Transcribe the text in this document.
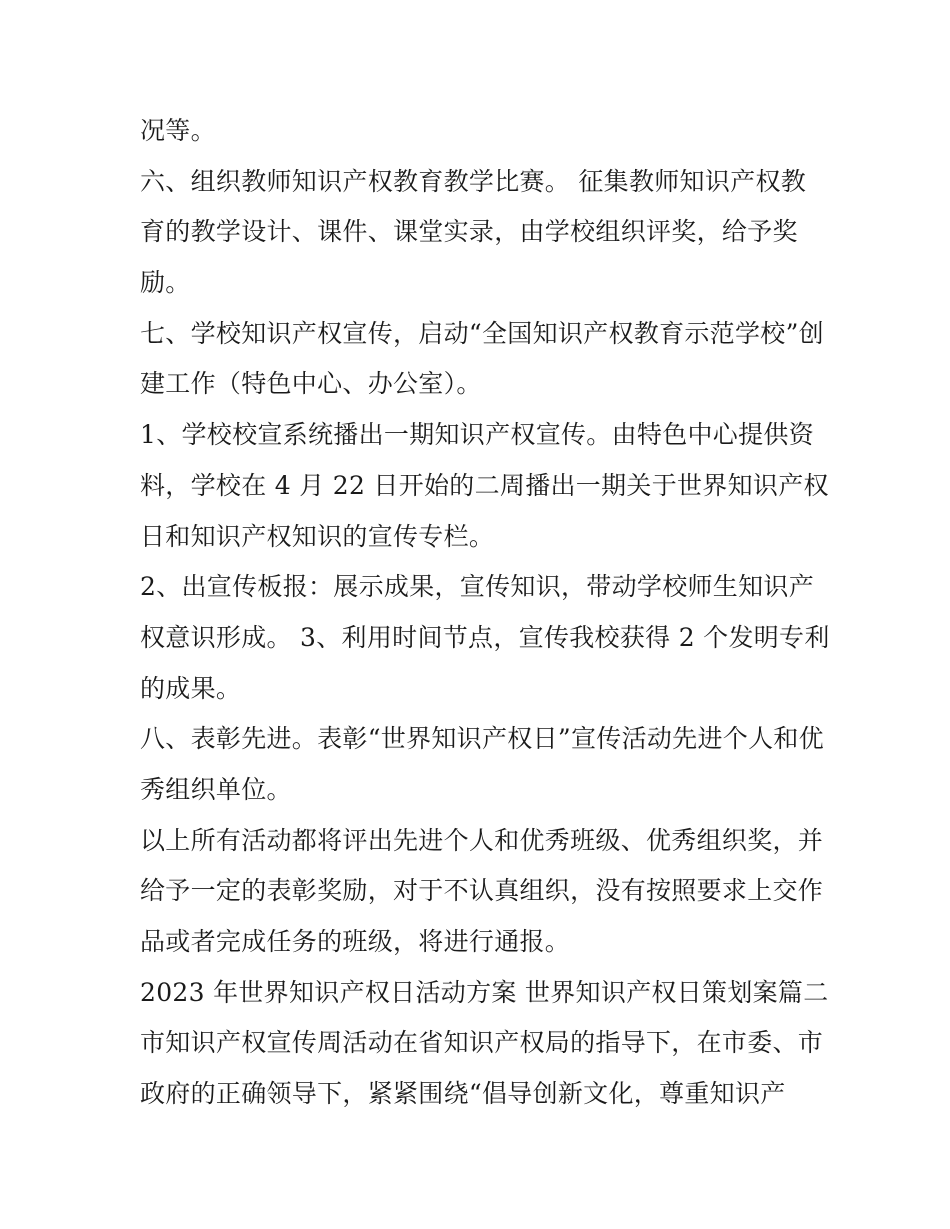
况等。
六、组织教师知识产权教育教学比赛。 征集教师知识产权教
育的教学设计、课件、课堂实录，由学校组织评奖，给予奖
励。
七、学校知识产权宣传，启动“全国知识产权教育示范学校”创
建工作（特色中心、办公室）。
1、学校校宣系统播出一期知识产权宣传。由特色中心提供资
料，学校在 4 月 22 日开始的二周播出一期关于世界知识产权
日和知识产权知识的宣传专栏。
2、出宣传板报：展示成果，宣传知识，带动学校师生知识产
权意识形成。 3、利用时间节点，宣传我校获得 2 个发明专利
的成果。
八、表彰先进。表彰“世界知识产权日”宣传活动先进个人和优
秀组织单位。
以上所有活动都将评出先进个人和优秀班级、优秀组织奖，并
给予一定的表彰奖励，对于不认真组织，没有按照要求上交作
品或者完成任务的班级，将进行通报。
2023 年世界知识产权日活动方案 世界知识产权日策划案篇二
市知识产权宣传周活动在省知识产权局的指导下，在市委、市
政府的正确领导下，紧紧围绕“倡导创新文化，尊重知识产
